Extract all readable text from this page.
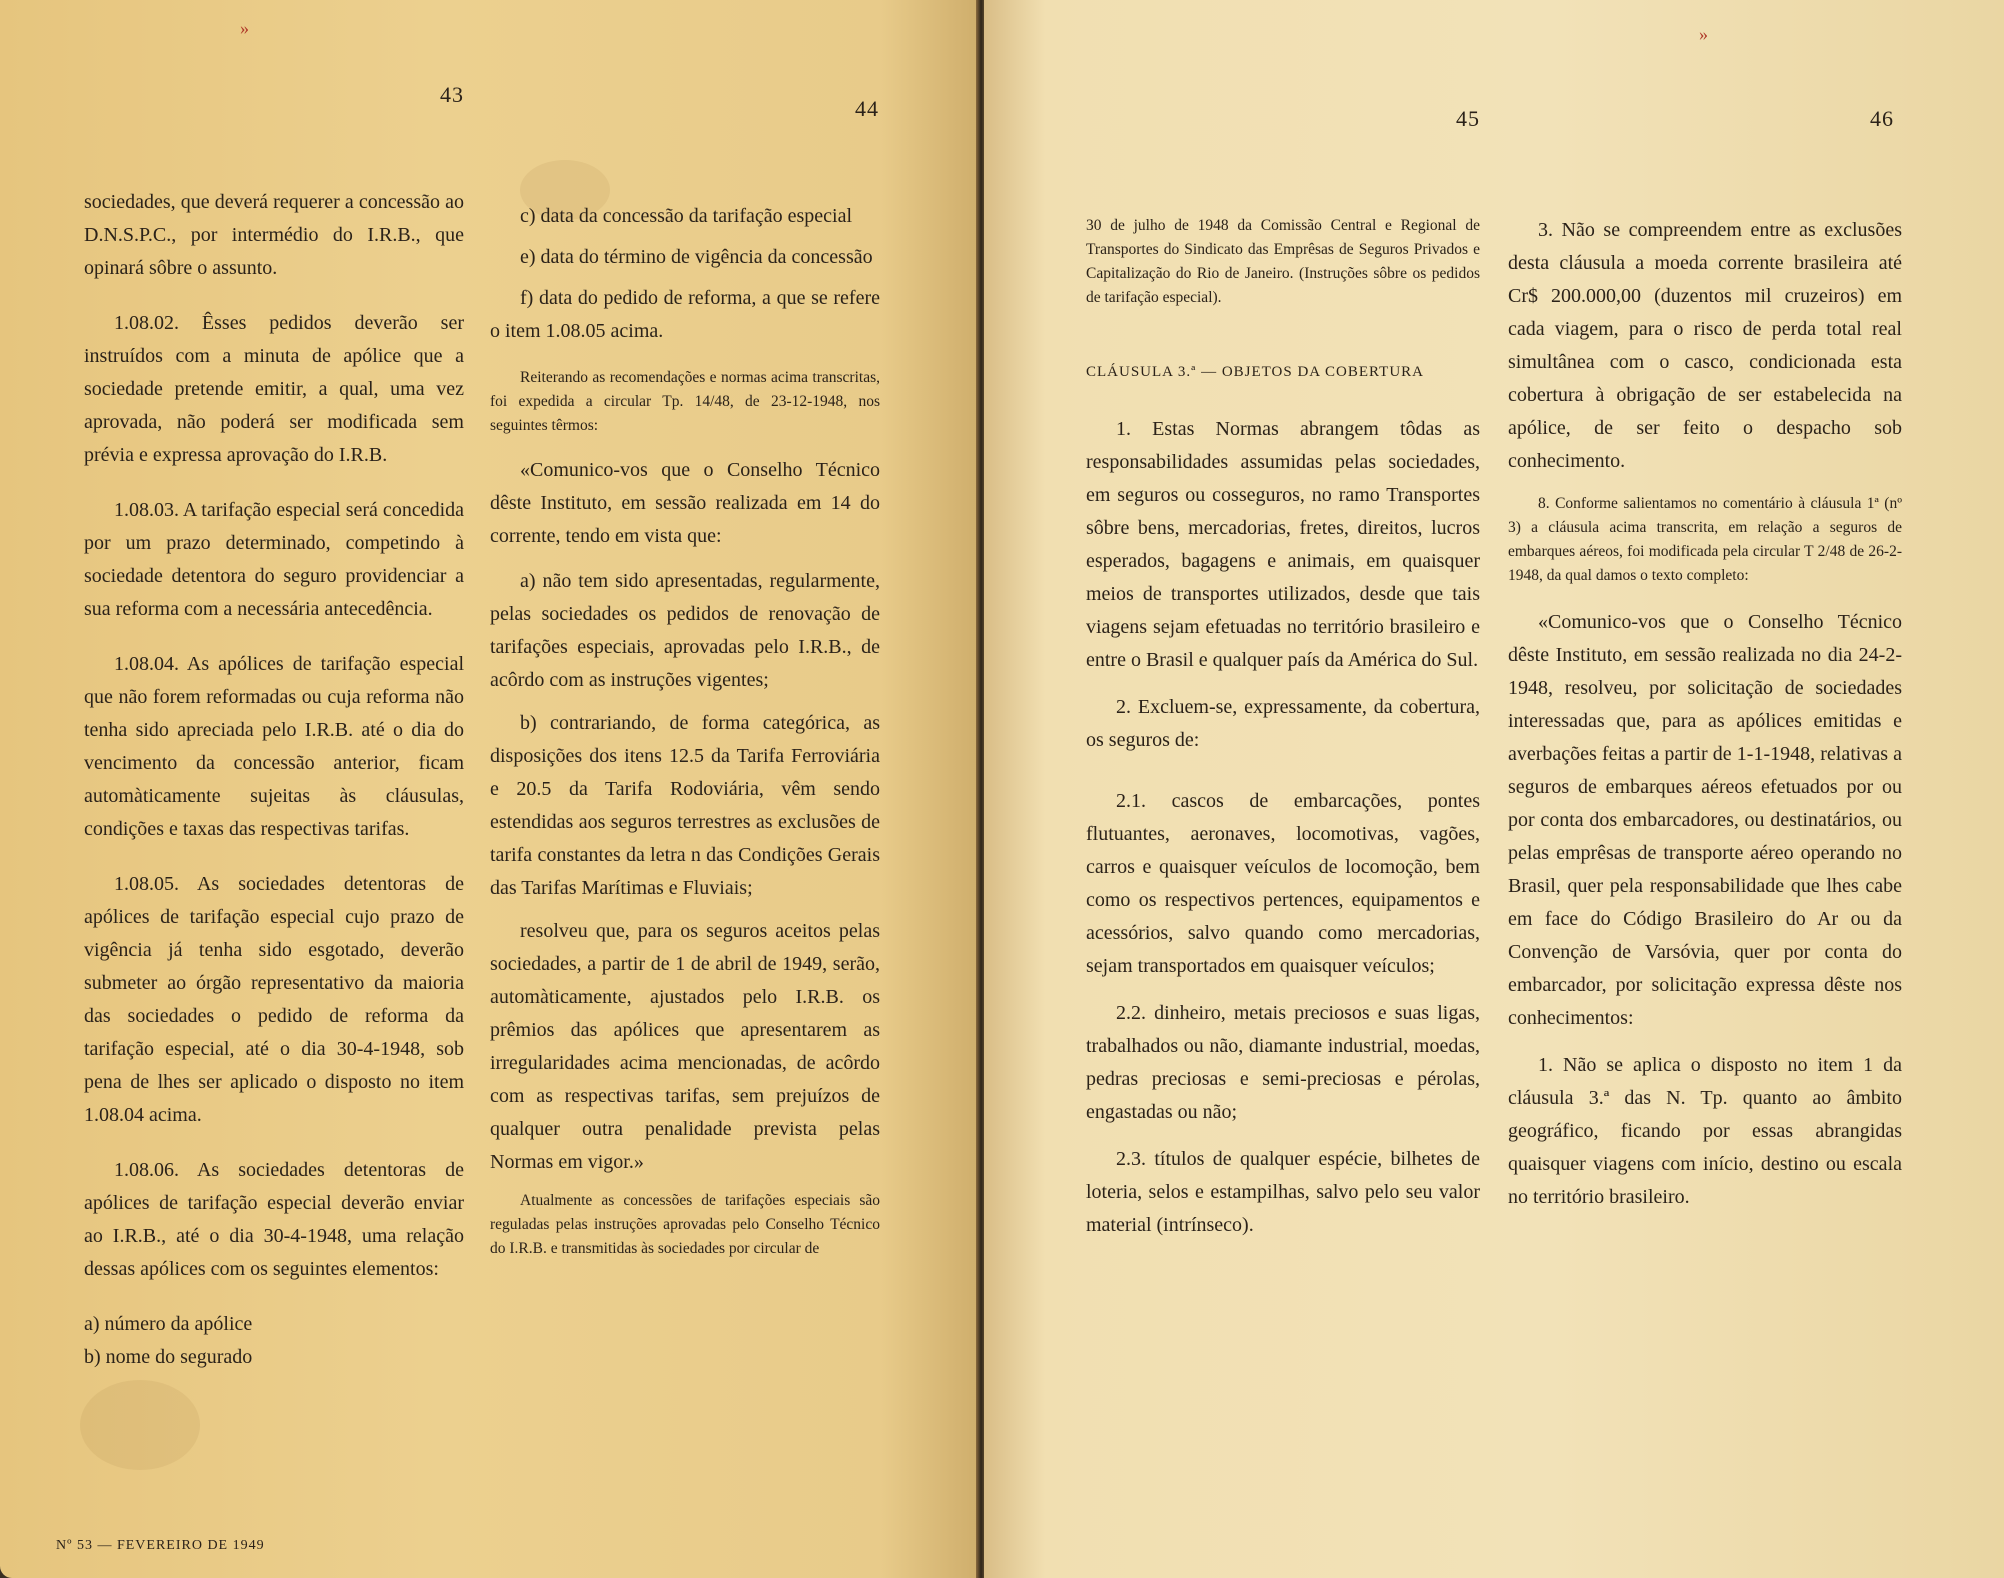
»
43

sociedades, que deverá requerer a concessão ao D.N.S.P.C., por intermédio do I.R.B., que opinará sôbre o assunto.

1.08.02. Êsses pedidos deverão ser instruídos com a minuta de apólice que a sociedade pretende emitir, a qual, uma vez aprovada, não poderá ser modificada sem prévia e expressa aprovação do I.R.B.

1.08.03. A tarifação especial será concedida por um prazo determinado, competindo à sociedade detentora do seguro providenciar a sua reforma com a necessária antecedência.

1.08.04. As apólices de tarifação especial que não forem reformadas ou cuja reforma não tenha sido apreciada pelo I.R.B. até o dia do vencimento da concessão anterior, ficam automàticamente sujeitas às cláusulas, condições e taxas das respectivas tarifas.

1.08.05. As sociedades detentoras de apólices de tarifação especial cujo prazo de vigência já tenha sido esgotado, deverão submeter ao órgão representativo da maioria das sociedades o pedido de reforma da tarifação especial, até o dia 30-4-1948, sob pena de lhes ser aplicado o disposto no item 1.08.04 acima.

1.08.06. As sociedades detentoras de apólices de tarifação especial deverão enviar ao I.R.B., até o dia 30-4-1948, uma relação dessas apólices com os seguintes elementos:

a) número da apólice

b) nome do segurado

44

c) data da concessão da tarifação especial

e) data do término de vigência da concessão

f) data do pedido de reforma, a que se refere o item 1.08.05 acima.

Reiterando as recomendações e normas acima transcritas, foi expedida a circular Tp. 14/48, de 23-12-1948, nos seguintes têrmos:

«Comunico-vos que o Conselho Técnico dêste Instituto, em sessão realizada em 14 do corrente, tendo em vista que:

a) não tem sido apresentadas, regularmente, pelas sociedades os pedidos de renovação de tarifações especiais, aprovadas pelo I.R.B., de acôrdo com as instruções vigentes;

b) contrariando, de forma categórica, as disposições dos itens 12.5 da Tarifa Ferroviária e 20.5 da Tarifa Rodoviária, vêm sendo estendidas aos seguros terrestres as exclusões de tarifa constantes da letra n das Condições Gerais das Tarifas Marítimas e Fluviais;

resolveu que, para os seguros aceitos pelas sociedades, a partir de 1 de abril de 1949, serão, automàticamente, ajustados pelo I.R.B. os prêmios das apólices que apresentarem as irregularidades acima mencionadas, de acôrdo com as respectivas tarifas, sem prejuízos de qualquer outra penalidade prevista pelas Normas em vigor.»

Atualmente as concessões de tarifações especiais são reguladas pelas instruções aprovadas pelo Conselho Técnico do I.R.B. e transmitidas às sociedades por circular de

Nº 53 — FEVEREIRO DE 1949
»
45

30 de julho de 1948 da Comissão Central e Regional de Transportes do Sindicato das Emprêsas de Seguros Privados e Capitalização do Rio de Janeiro. (Instruções sôbre os pedidos de tarifação especial).

CLÁUSULA 3.ª — OBJETOS DA COBERTURA

1. Estas Normas abrangem tôdas as responsabilidades assumidas pelas sociedades, em seguros ou cosseguros, no ramo Transportes sôbre bens, mercadorias, fretes, direitos, lucros esperados, bagagens e animais, em quaisquer meios de transportes utilizados, desde que tais viagens sejam efetuadas no território brasileiro e entre o Brasil e qualquer país da América do Sul.

2. Excluem-se, expressamente, da cobertura, os seguros de:

2.1. cascos de embarcações, pontes flutuantes, aeronaves, locomotivas, vagões, carros e quaisquer veículos de locomoção, bem como os respectivos pertences, equipamentos e acessórios, salvo quando como mercadorias, sejam transportados em quaisquer veículos;

2.2. dinheiro, metais preciosos e suas ligas, trabalhados ou não, diamante industrial, moedas, pedras preciosas e semi-preciosas e pérolas, engastadas ou não;

2.3. títulos de qualquer espécie, bilhetes de loteria, selos e estampilhas, salvo pelo seu valor material (intrínseco).

46

3. Não se compreendem entre as exclusões desta cláusula a moeda corrente brasileira até Cr$ 200.000,00 (duzentos mil cruzeiros) em cada viagem, para o risco de perda total real simultânea com o casco, condicionada esta cobertura à obrigação de ser estabelecida na apólice, de ser feito o despacho sob conhecimento.

8. Conforme salientamos no comentário à cláusula 1ª (nº 3) a cláusula acima transcrita, em relação a seguros de embarques aéreos, foi modificada pela circular T 2/48 de 26-2-1948, da qual damos o texto completo:

«Comunico-vos que o Conselho Técnico dêste Instituto, em sessão realizada no dia 24-2-1948, resolveu, por solicitação de sociedades interessadas que, para as apólices emitidas e averbações feitas a partir de 1-1-1948, relativas a seguros de embarques aéreos efetuados por ou por conta dos embarcadores, ou destinatários, ou pelas emprêsas de transporte aéreo operando no Brasil, quer pela responsabilidade que lhes cabe em face do Código Brasileiro do Ar ou da Convenção de Varsóvia, quer por conta do embarcador, por solicitação expressa dêste nos conhecimentos:

1. Não se aplica o disposto no item 1 da cláusula 3.ª das N. Tp. quanto ao âmbito geográfico, ficando por essas abrangidas quaisquer viagens com início, destino ou escala no território brasileiro.
